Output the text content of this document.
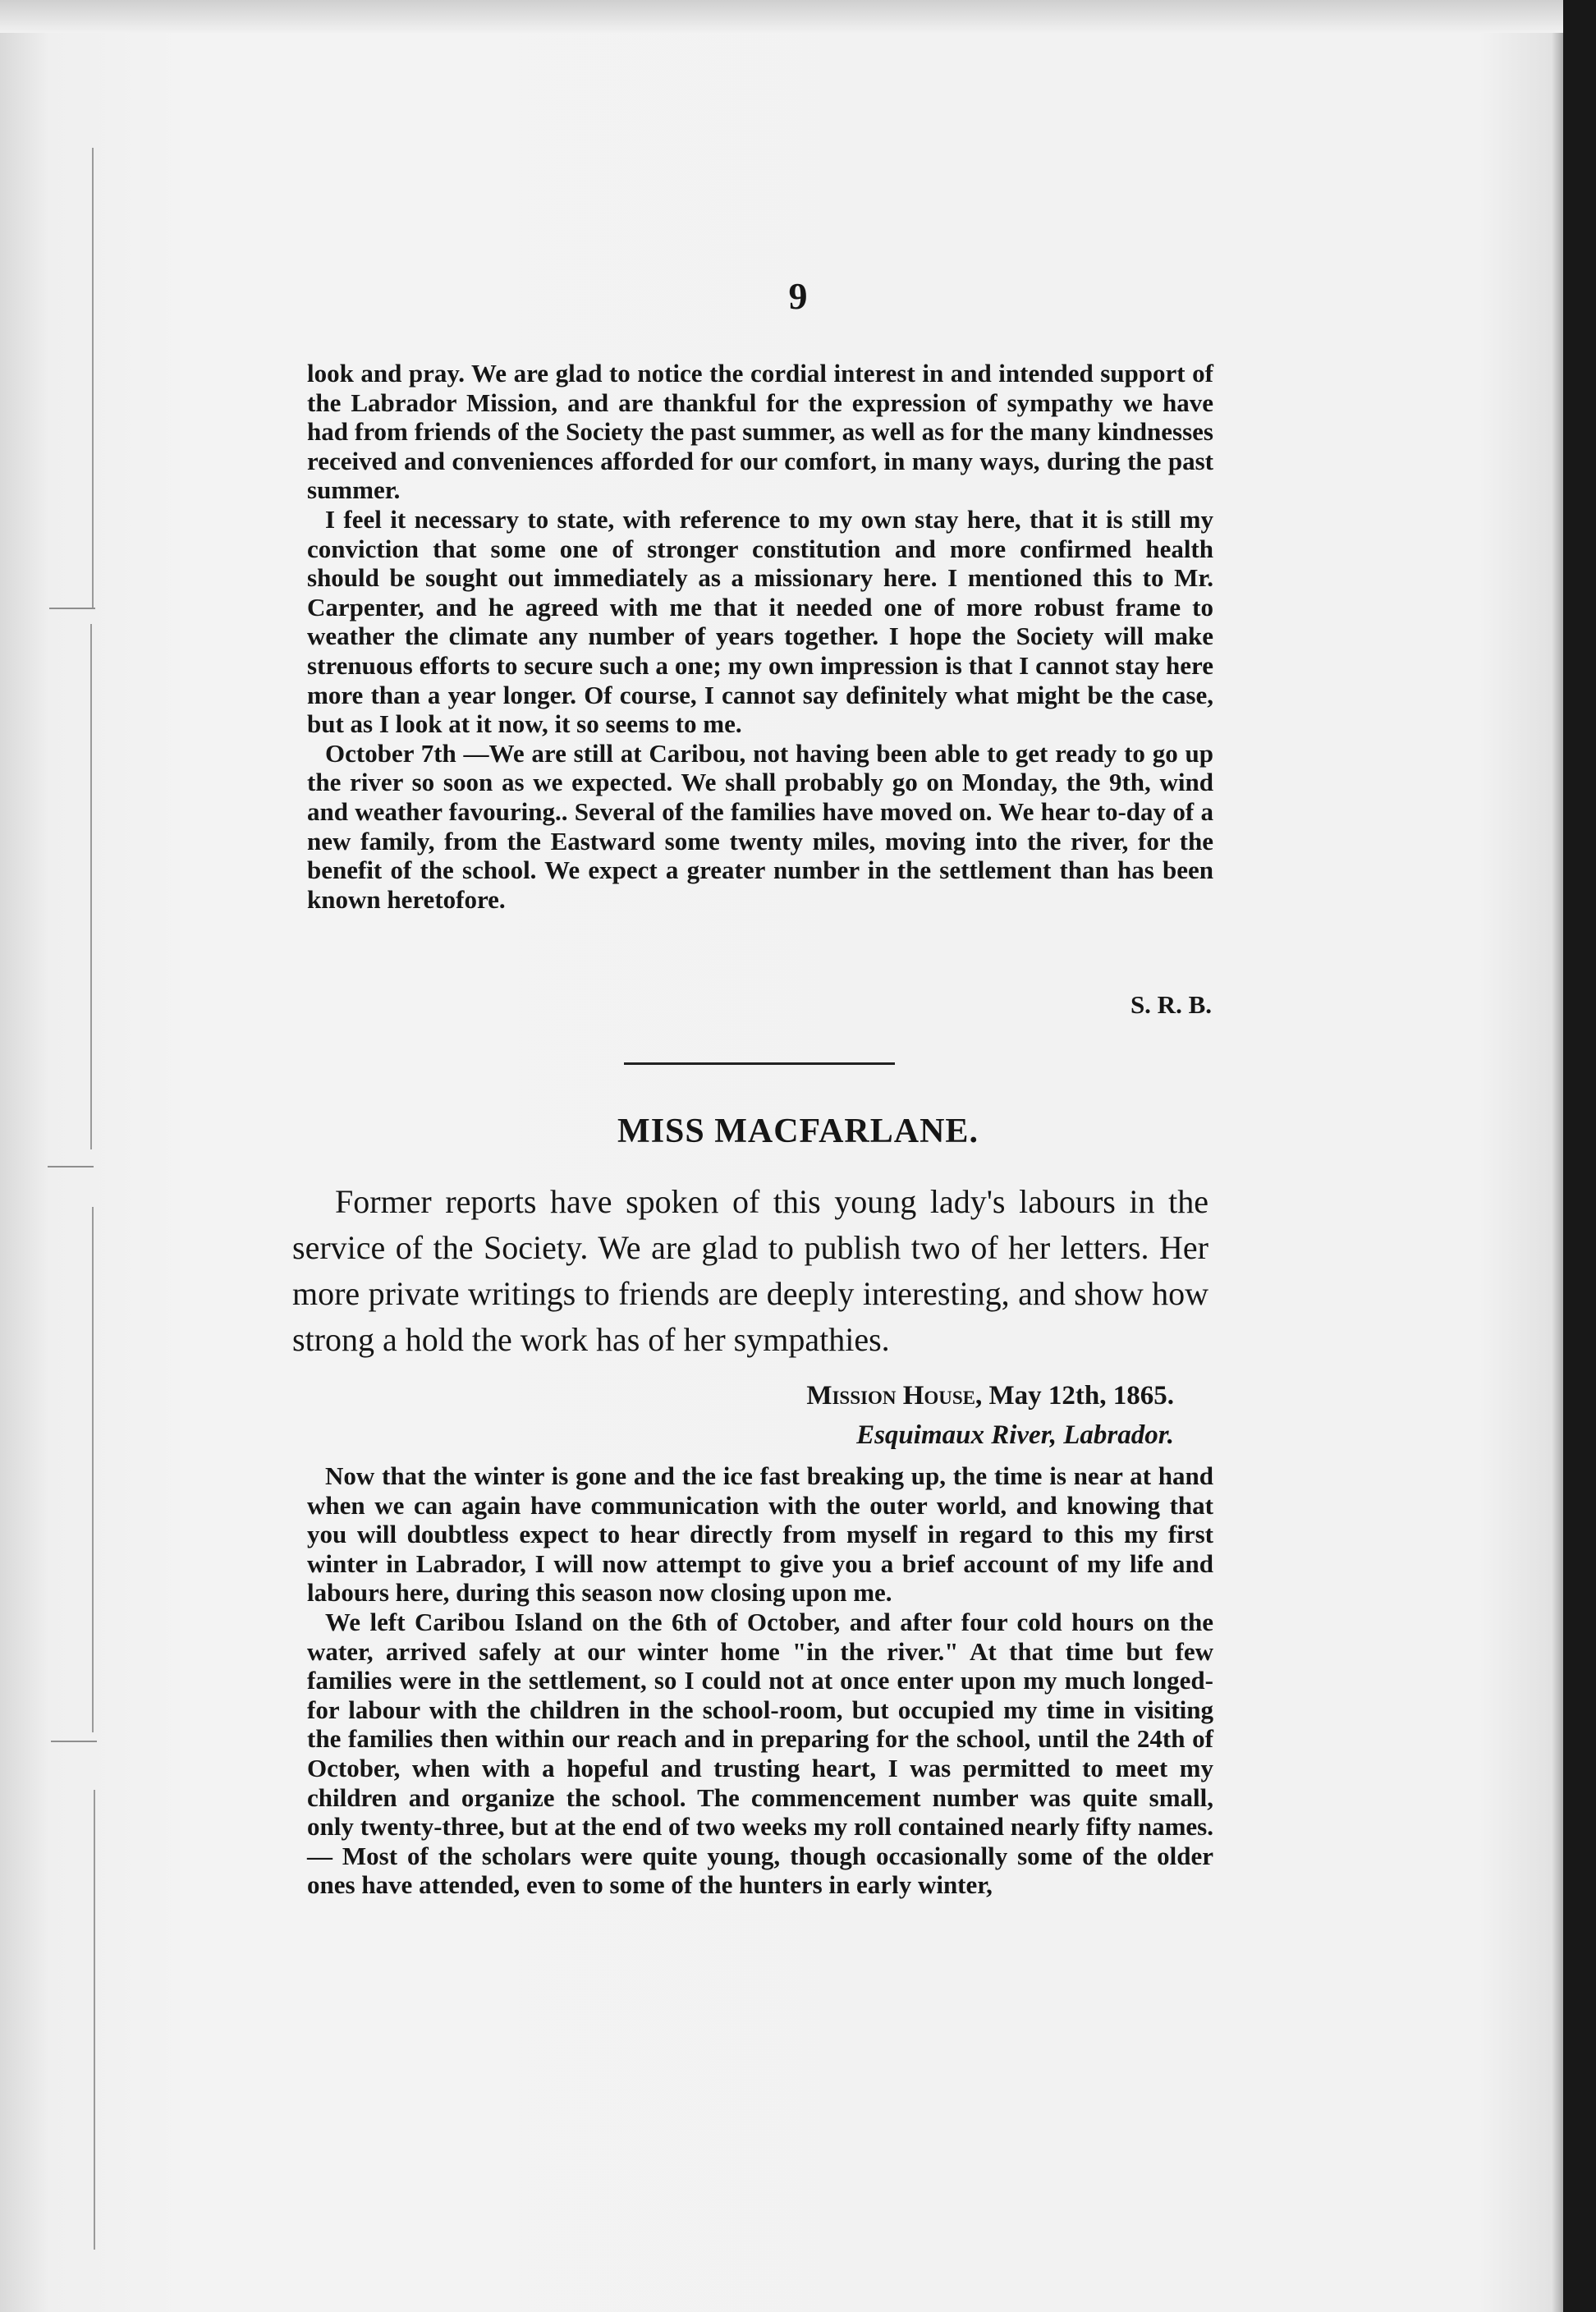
9

look and pray. We are glad to notice the cordial interest in and intended support of the Labrador Mission, and are thankful for the expression of sympathy we have had from friends of the Society the past summer, as well as for the many kindnesses received and conveniences afforded for our comfort, in many ways, during the past summer.

I feel it necessary to state, with reference to my own stay here, that it is still my conviction that some one of stronger constitution and more confirmed health should be sought out immediately as a missionary here. I mentioned this to Mr. Carpenter, and he agreed with me that it needed one of more robust frame to weather the climate any number of years together. I hope the Society will make strenuous efforts to secure such a one; my own impression is that I cannot stay here more than a year longer. Of course, I cannot say definitely what might be the case, but as I look at it now, it so seems to me.

October 7th —We are still at Caribou, not having been able to get ready to go up the river so soon as we expected. We shall probably go on Monday, the 9th, wind and weather favouring.. Several of the families have moved on. We hear to-day of a new family, from the Eastward some twenty miles, moving into the river, for the benefit of the school. We expect a greater number in the settlement than has been known heretofore.

S. R. B.
MISS MACFARLANE.

Former reports have spoken of this young lady's labours in the service of the Society. We are glad to publish two of her letters. Her more private writings to friends are deeply interesting, and show how strong a hold the work has of her sympathies.

Mission House, May 12th, 1865.
Esquimaux River, Labrador.

Now that the winter is gone and the ice fast breaking up, the time is near at hand when we can again have communication with the outer world, and knowing that you will doubtless expect to hear directly from myself in regard to this my first winter in Labrador, I will now attempt to give you a brief account of my life and labours here, during this season now closing upon me.

We left Caribou Island on the 6th of October, and after four cold hours on the water, arrived safely at our winter home "in the river." At that time but few families were in the settlement, so I could not at once enter upon my much longed-for labour with the children in the school-room, but occupied my time in visiting the families then within our reach and in preparing for the school, until the 24th of October, when with a hopeful and trusting heart, I was permitted to meet my children and organize the school. The commencement number was quite small, only twenty-three, but at the end of two weeks my roll contained nearly fifty names.— Most of the scholars were quite young, though occasionally some of the older ones have attended, even to some of the hunters in early winter,
